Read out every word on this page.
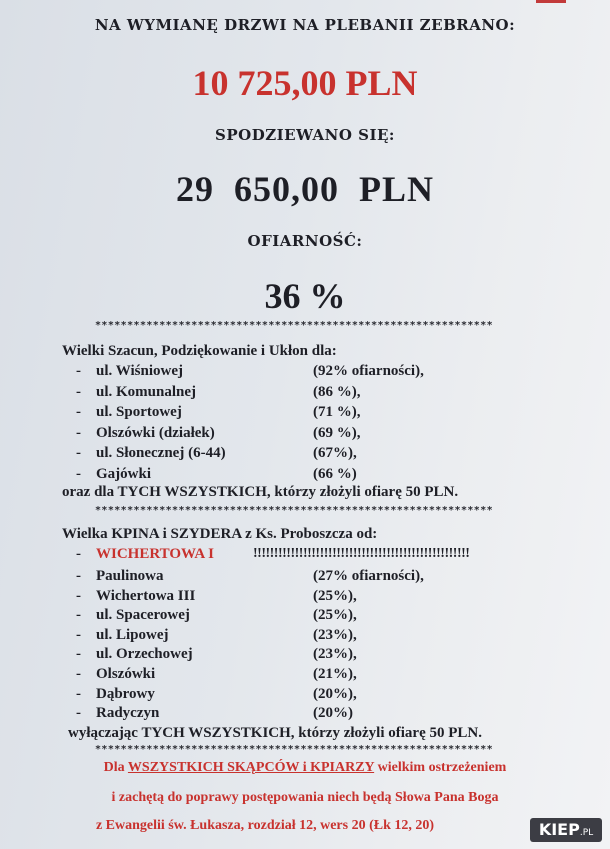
NA WYMIANĘ DRZWI NA PLEBANII ZEBRANO:
10 725,00 PLN
SPODZIEWANO SIĘ:
29  650,00  PLN
OFIARNOŚĆ:
36 %
**************************************************************
Wielki Szacun, Podziękowanie i Ukłon dla:
- ul. Wiśniowej	(92% ofiarności),
- ul. Komunalnej	(86 %),
- ul. Sportowej	(71 %),
- Olszówki (działek)	(69 %),
- ul. Słonecznej (6-44)	(67%),
- Gajówki	(66 %)
oraz dla TYCH WSZYSTKICH, którzy złożyli ofiarę 50 PLN.
**************************************************************
Wielka KPINA i SZYDERA z Ks. Proboszcza od:
- WICHERTOWA I	!!!!!!!!!!!!!!!!!!!!!!!!!!!!!!!!!!!!!!!!!!!!!!!!!!!!
- Paulinowa	(27% ofiarności),
- Wichertowa III	(25%),
- ul. Spacerowej	(25%),
- ul. Lipowej	(23%),
- ul. Orzechowej	(23%),
- Olszówki	(21%),
- Dąbrowy	(20%),
- Radyczyn	(20%)
wyłączając TYCH WSZYSTKICH, którzy złożyli ofiarę 50 PLN.
**************************************************************
Dla WSZYSTKICH SKĄPCÓW i KPIARZY wielkim ostrzeżeniem
i zachętą do poprawy postępowania niech będą Słowa Pana Boga
z Ewangelii św. Łukasza, rozdział 12, wers 20 (Łk 12, 20)	KIEP.PL
